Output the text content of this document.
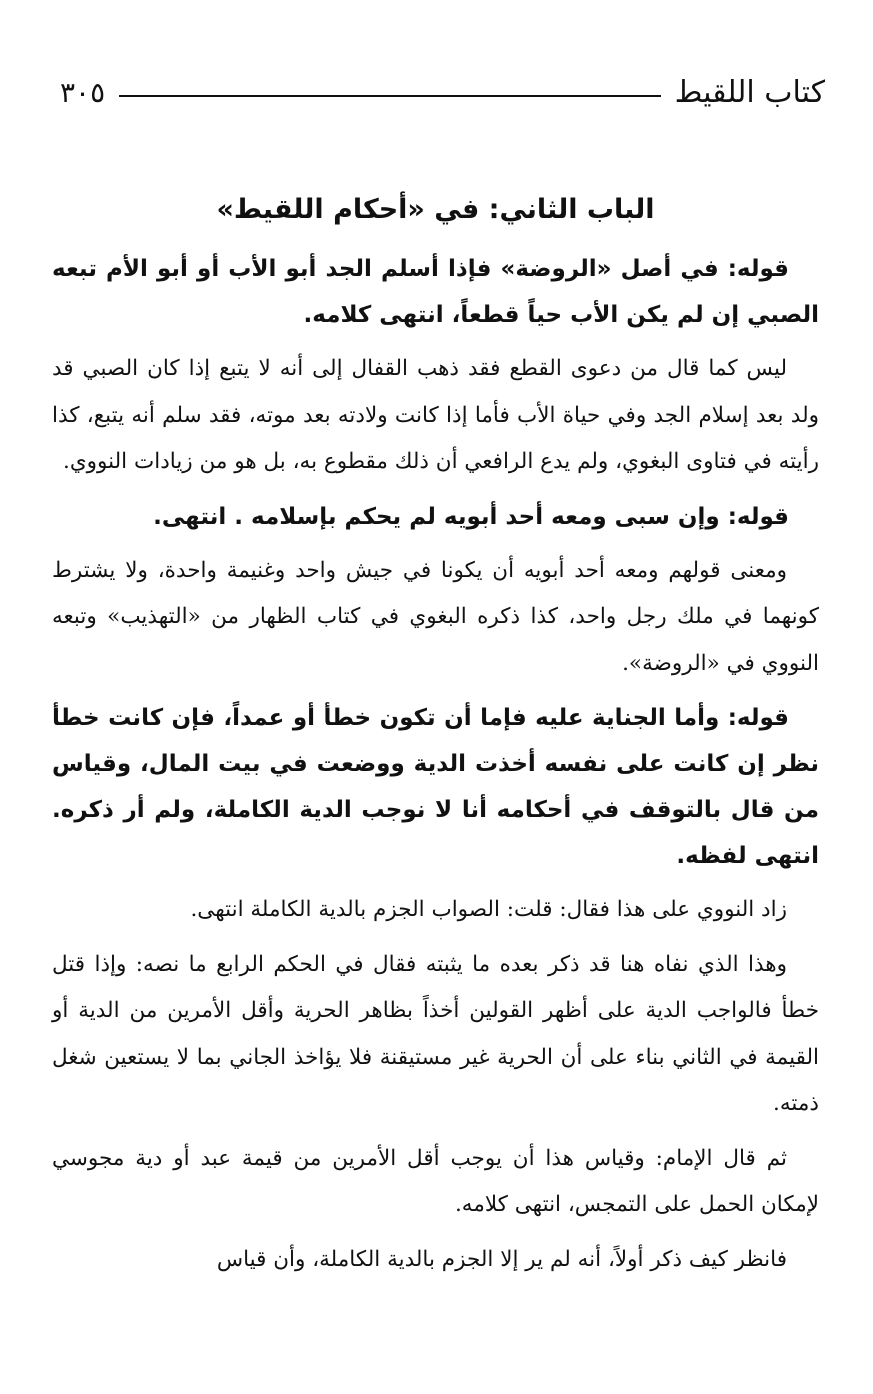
كتاب اللقيط
٣٠٥
الباب الثاني: في «أحكام اللقيط»

قوله: في أصل «الروضة» فإذا أسلم الجد أبو الأب أو أبو الأم تبعه الصبي إن لم يكن الأب حياً قطعاً، انتهى كلامه.

ليس كما قال من دعوى القطع فقد ذهب القفال إلى أنه لا يتبع إذا كان الصبي قد ولد بعد إسلام الجد وفي حياة الأب فأما إذا كانت ولادته بعد موته، فقد سلم أنه يتبع، كذا رأيته في فتاوى البغوي، ولم يدع الرافعي أن ذلك مقطوع به، بل هو من زيادات النووي.

قوله: وإن سبى ومعه أحد أبويه لم يحكم بإسلامه . انتهى.

ومعنى قولهم ومعه أحد أبويه أن يكونا في جيش واحد وغنيمة واحدة، ولا يشترط كونهما في ملك رجل واحد، كذا ذكره البغوي في كتاب الظهار من «التهذيب» وتبعه النووي في «الروضة».

قوله: وأما الجناية عليه فإما أن تكون خطأ أو عمداً، فإن كانت خطأ نظر إن كانت على نفسه أخذت الدية ووضعت في بيت المال، وقياس من قال بالتوقف في أحكامه أنا لا نوجب الدية الكاملة، ولم أر ذكره. انتهى لفظه.

زاد النووي على هذا فقال: قلت: الصواب الجزم بالدية الكاملة انتهى.

وهذا الذي نفاه هنا قد ذكر بعده ما يثبته فقال في الحكم الرابع ما نصه: وإذا قتل خطأ فالواجب الدية على أظهر القولين أخذاً بظاهر الحرية وأقل الأمرين من الدية أو القيمة في الثاني بناء على أن الحرية غير مستيقنة فلا يؤاخذ الجاني بما لا يستعين شغل ذمته.

ثم قال الإمام: وقياس هذا أن يوجب أقل الأمرين من قيمة عبد أو دية مجوسي لإمكان الحمل على التمجس، انتهى كلامه.

فانظر كيف ذكر أولاً، أنه لم ير إلا الجزم بالدية الكاملة، وأن قياس
